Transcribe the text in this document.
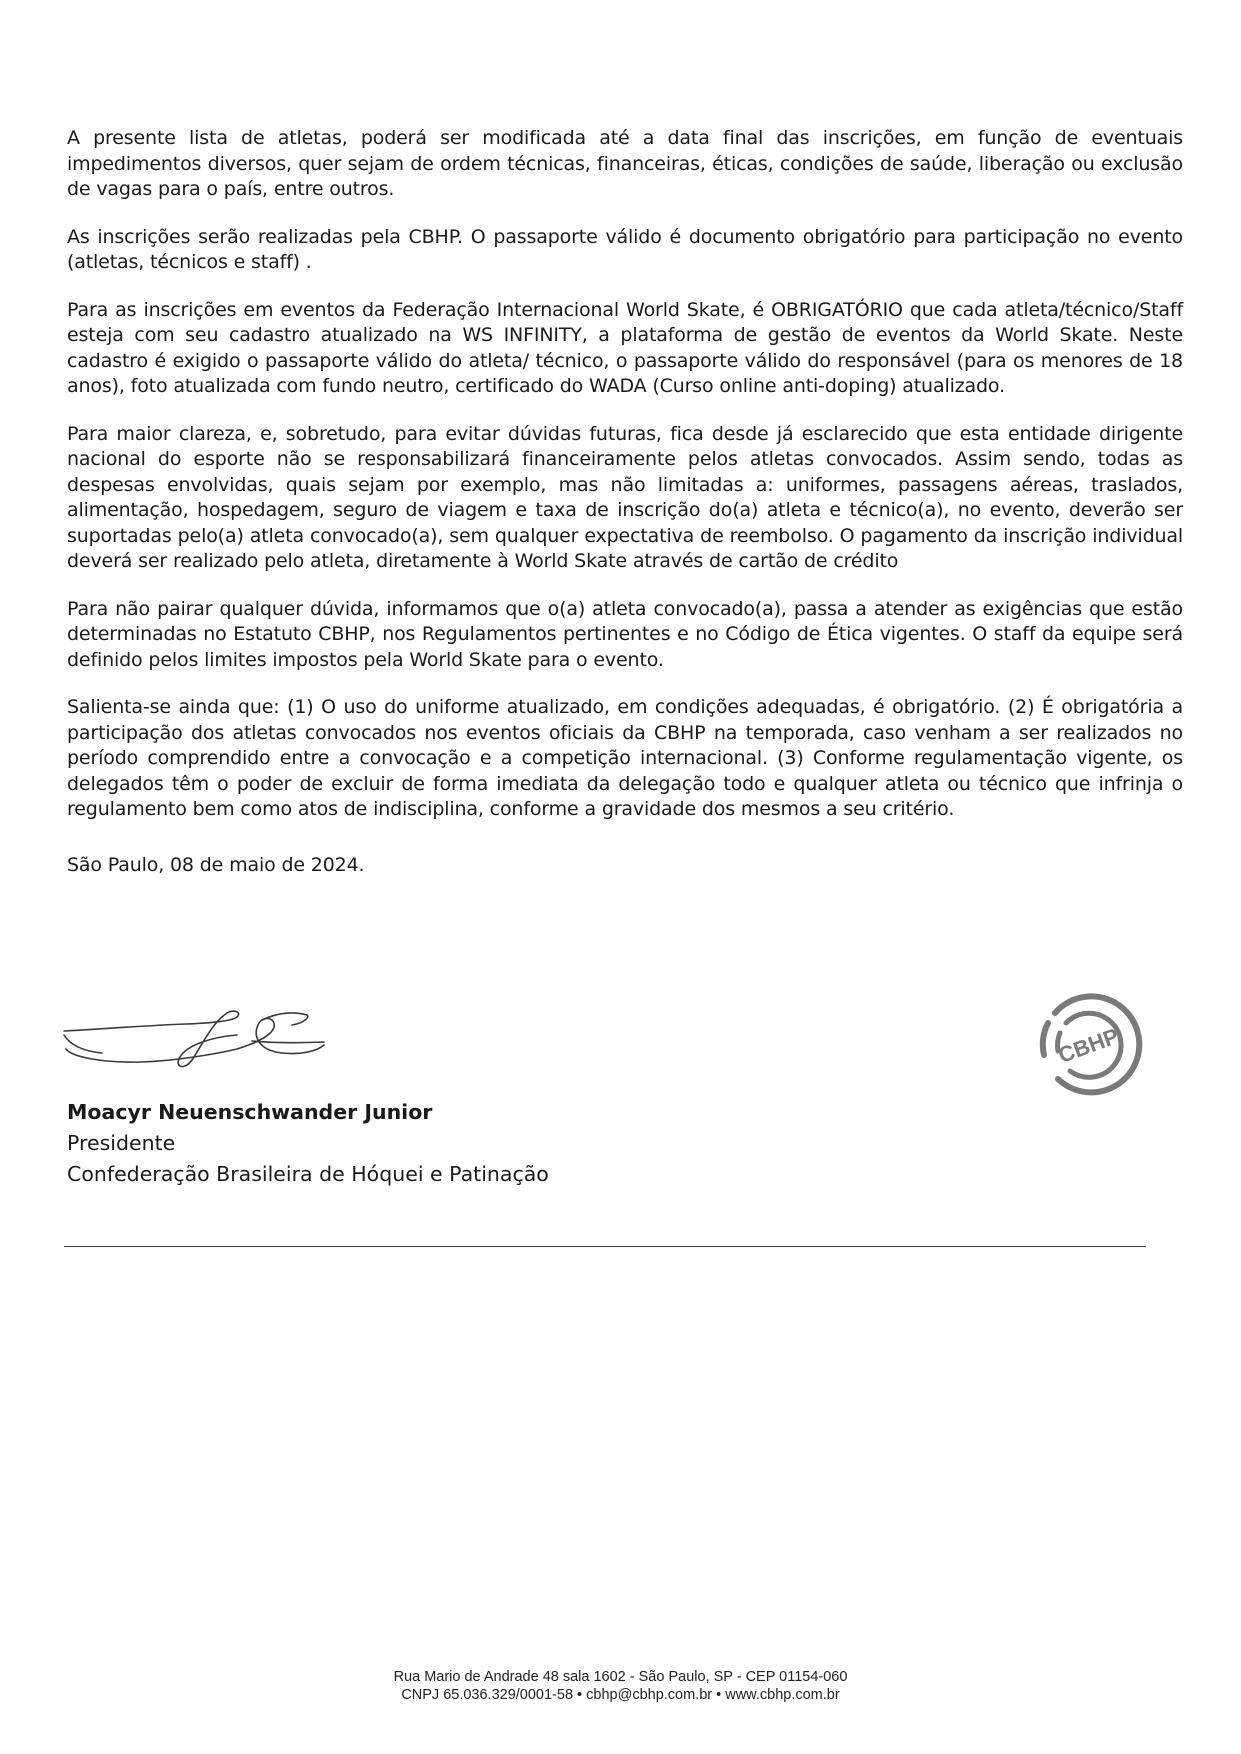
A presente lista de atletas, poderá ser modificada até a data final das inscrições, em função de eventuais impedimentos diversos, quer sejam de ordem técnicas, financeiras, éticas, condições de saúde, liberação ou exclusão de vagas para o país, entre outros.

As inscrições serão realizadas pela CBHP. O passaporte válido é documento obrigatório para participação no evento (atletas, técnicos e staff) .

Para as inscrições em eventos da Federação Internacional World Skate, é OBRIGATÓRIO que cada atleta/técnico/Staff esteja com seu cadastro atualizado na WS INFINITY, a plataforma de gestão de eventos da World Skate. Neste cadastro é exigido o passaporte válido do atleta/ técnico, o passaporte válido do responsável (para os menores de 18 anos), foto atualizada com fundo neutro, certificado do WADA (Curso online anti-doping) atualizado.

Para maior clareza, e, sobretudo, para evitar dúvidas futuras, fica desde já esclarecido que esta entidade dirigente nacional do esporte não se responsabilizará financeiramente pelos atletas convocados. Assim sendo, todas as despesas envolvidas, quais sejam por exemplo, mas não limitadas a: uniformes, passagens aéreas, traslados, alimentação, hospedagem, seguro de viagem e taxa de inscrição do(a) atleta e técnico(a), no evento, deverão ser suportadas pelo(a) atleta convocado(a), sem qualquer expectativa de reembolso. O pagamento da inscrição individual deverá ser realizado pelo atleta, diretamente à World Skate através de cartão de crédito

Para não pairar qualquer dúvida, informamos que o(a) atleta convocado(a), passa a atender as exigências que estão determinadas no Estatuto CBHP, nos Regulamentos pertinentes e no Código de Ética vigentes. O staff da equipe será definido pelos limites impostos pela World Skate para o evento.

Salienta-se ainda que: (1) O uso do uniforme atualizado, em condições adequadas, é obrigatório. (2) É obrigatória a participação dos atletas convocados nos eventos oficiais da CBHP na temporada, caso venham a ser realizados no período comprendido entre a convocação e a competição internacional. (3) Conforme regulamentação vigente, os delegados têm o poder de excluir de forma imediata da delegação todo e qualquer atleta ou técnico que infrinja o regulamento bem como atos de indisciplina, conforme a gravidade dos mesmos a seu critério.

São Paulo, 08 de maio de 2024.

Moacyr Neuenschwander Junior
Presidente
Confederação Brasileira de Hóquei e Patinação
CBHP
Rua Mario de Andrade 48 sala 1602 - São Paulo, SP - CEP 01154-060
CNPJ 65.036.329/0001-58 • cbhp@cbhp.com.br • www.cbhp.com.br
